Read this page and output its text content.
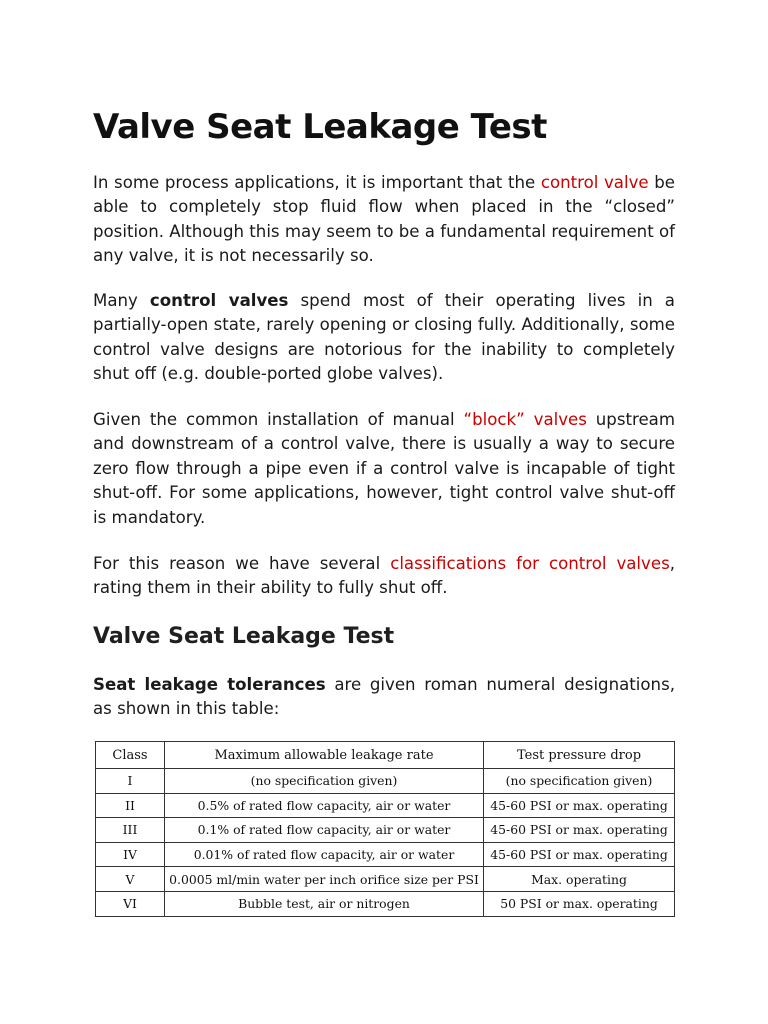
Valve Seat Leakage Test

In some process applications, it is important that the control valve be able to completely stop fluid flow when placed in the “closed” position. Although this may seem to be a fundamental requirement of any valve, it is not necessarily so.

Many control valves spend most of their operating lives in a partially-open state, rarely opening or closing fully. Additionally, some control valve designs are notorious for the inability to completely shut off (e.g. double-ported globe valves).

Given the common installation of manual “block” valves upstream and downstream of a control valve, there is usually a way to secure zero flow through a pipe even if a control valve is incapable of tight shut-off. For some applications, however, tight control valve shut-off is mandatory.

For this reason we have several classifications for control valves, rating them in their ability to fully shut off.

Valve Seat Leakage Test

Seat leakage tolerances are given roman numeral designations, as shown in this table:

Class	Maximum allowable leakage rate	Test pressure drop
I	(no specification given)	(no specification given)
II	0.5% of rated flow capacity, air or water	45-60 PSI or max. operating
III	0.1% of rated flow capacity, air or water	45-60 PSI or max. operating
IV	0.01% of rated flow capacity, air or water	45-60 PSI or max. operating
V	0.0005 ml/min water per inch orifice size per PSI	Max. operating
VI	Bubble test, air or nitrogen	50 PSI or max. operating
